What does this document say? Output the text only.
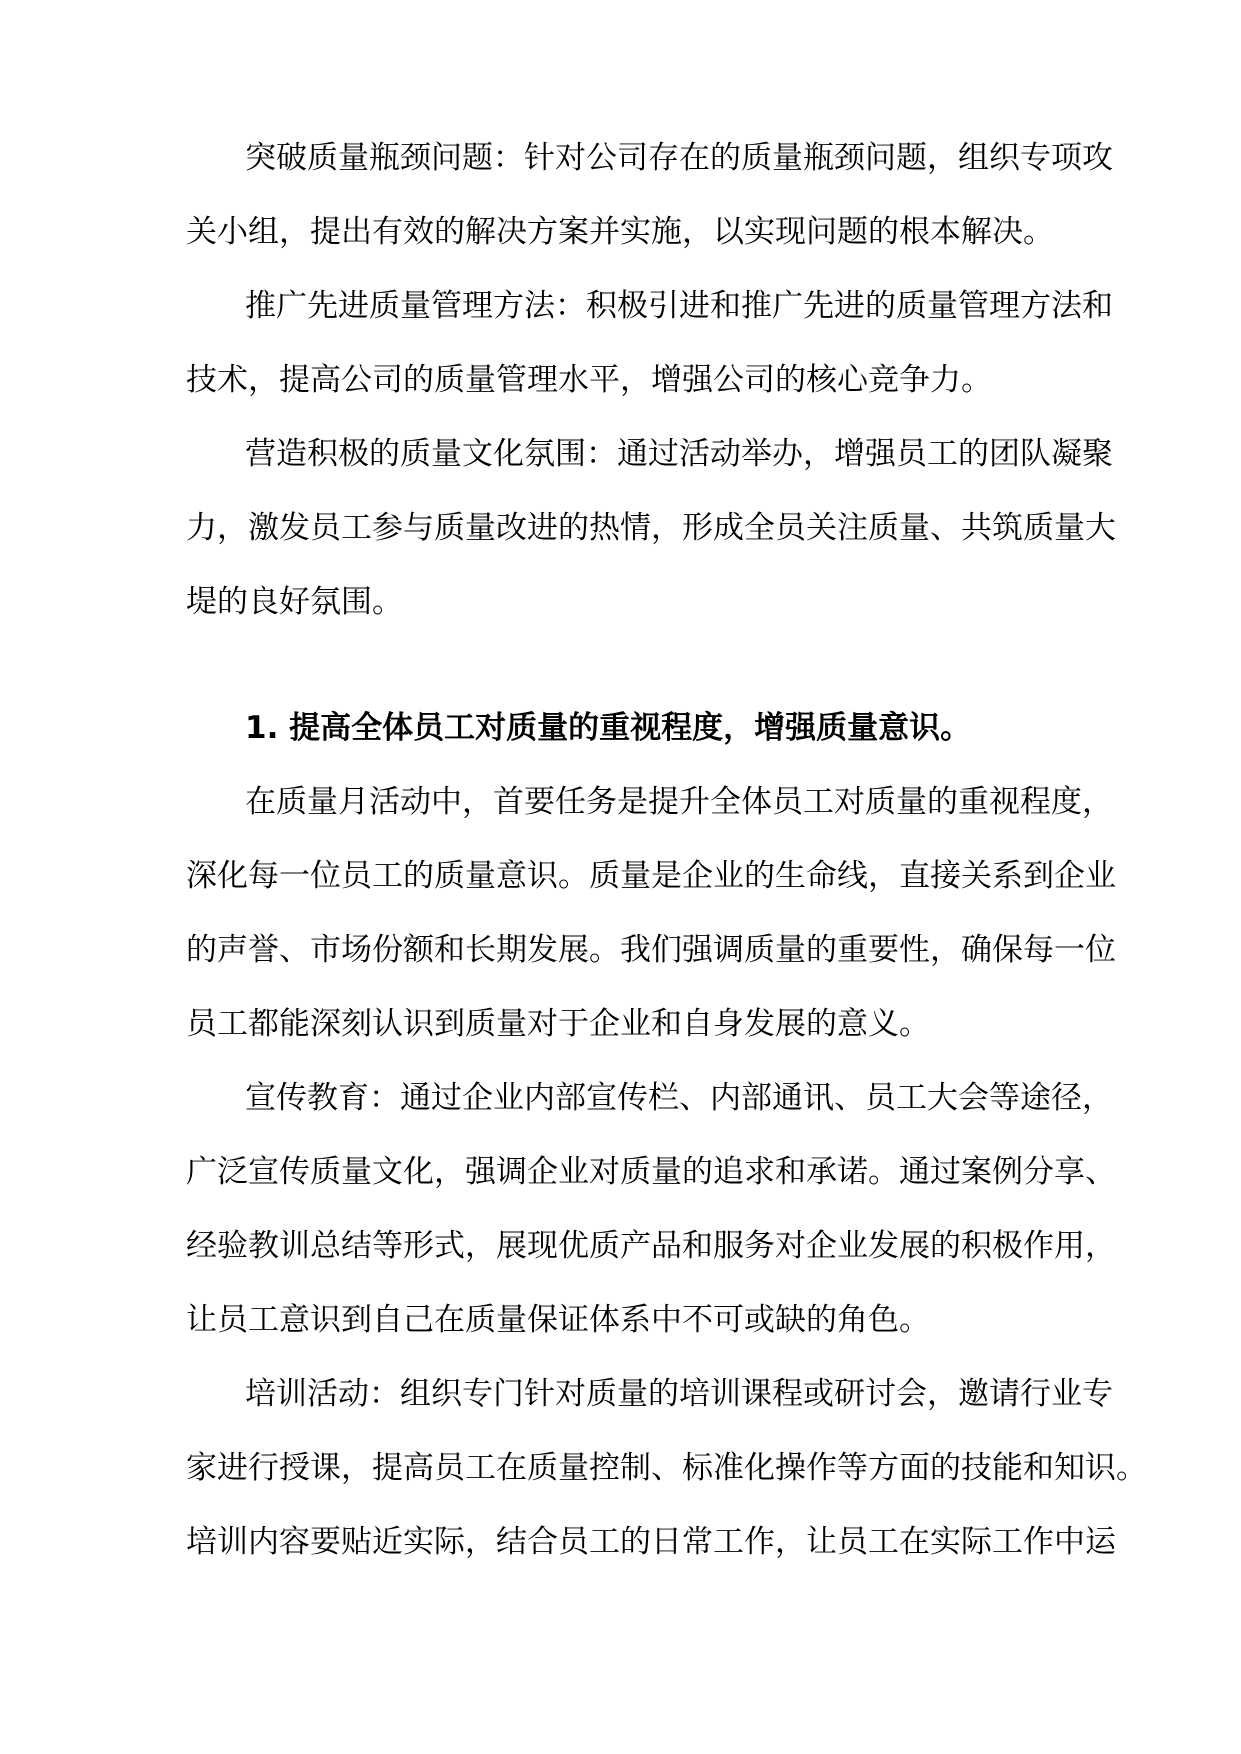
突破质量瓶颈问题：针对公司存在的质量瓶颈问题，组织专项攻
关小组，提出有效的解决方案并实施，以实现问题的根本解决。
推广先进质量管理方法：积极引进和推广先进的质量管理方法和
技术，提高公司的质量管理水平，增强公司的核心竞争力。
营造积极的质量文化氛围：通过活动举办，增强员工的团队凝聚
力，激发员工参与质量改进的热情，形成全员关注质量、共筑质量大
堤的良好氛围。
1. 提高全体员工对质量的重视程度，增强质量意识。
在质量月活动中，首要任务是提升全体员工对质量的重视程度，
深化每一位员工的质量意识。质量是企业的生命线，直接关系到企业
的声誉、市场份额和长期发展。我们强调质量的重要性，确保每一位
员工都能深刻认识到质量对于企业和自身发展的意义。
宣传教育：通过企业内部宣传栏、内部通讯、员工大会等途径，
广泛宣传质量文化，强调企业对质量的追求和承诺。通过案例分享、
经验教训总结等形式，展现优质产品和服务对企业发展的积极作用，
让员工意识到自己在质量保证体系中不可或缺的角色。
培训活动：组织专门针对质量的培训课程或研讨会，邀请行业专
家进行授课，提高员工在质量控制、标准化操作等方面的技能和知识。
培训内容要贴近实际，结合员工的日常工作，让员工在实际工作中运
